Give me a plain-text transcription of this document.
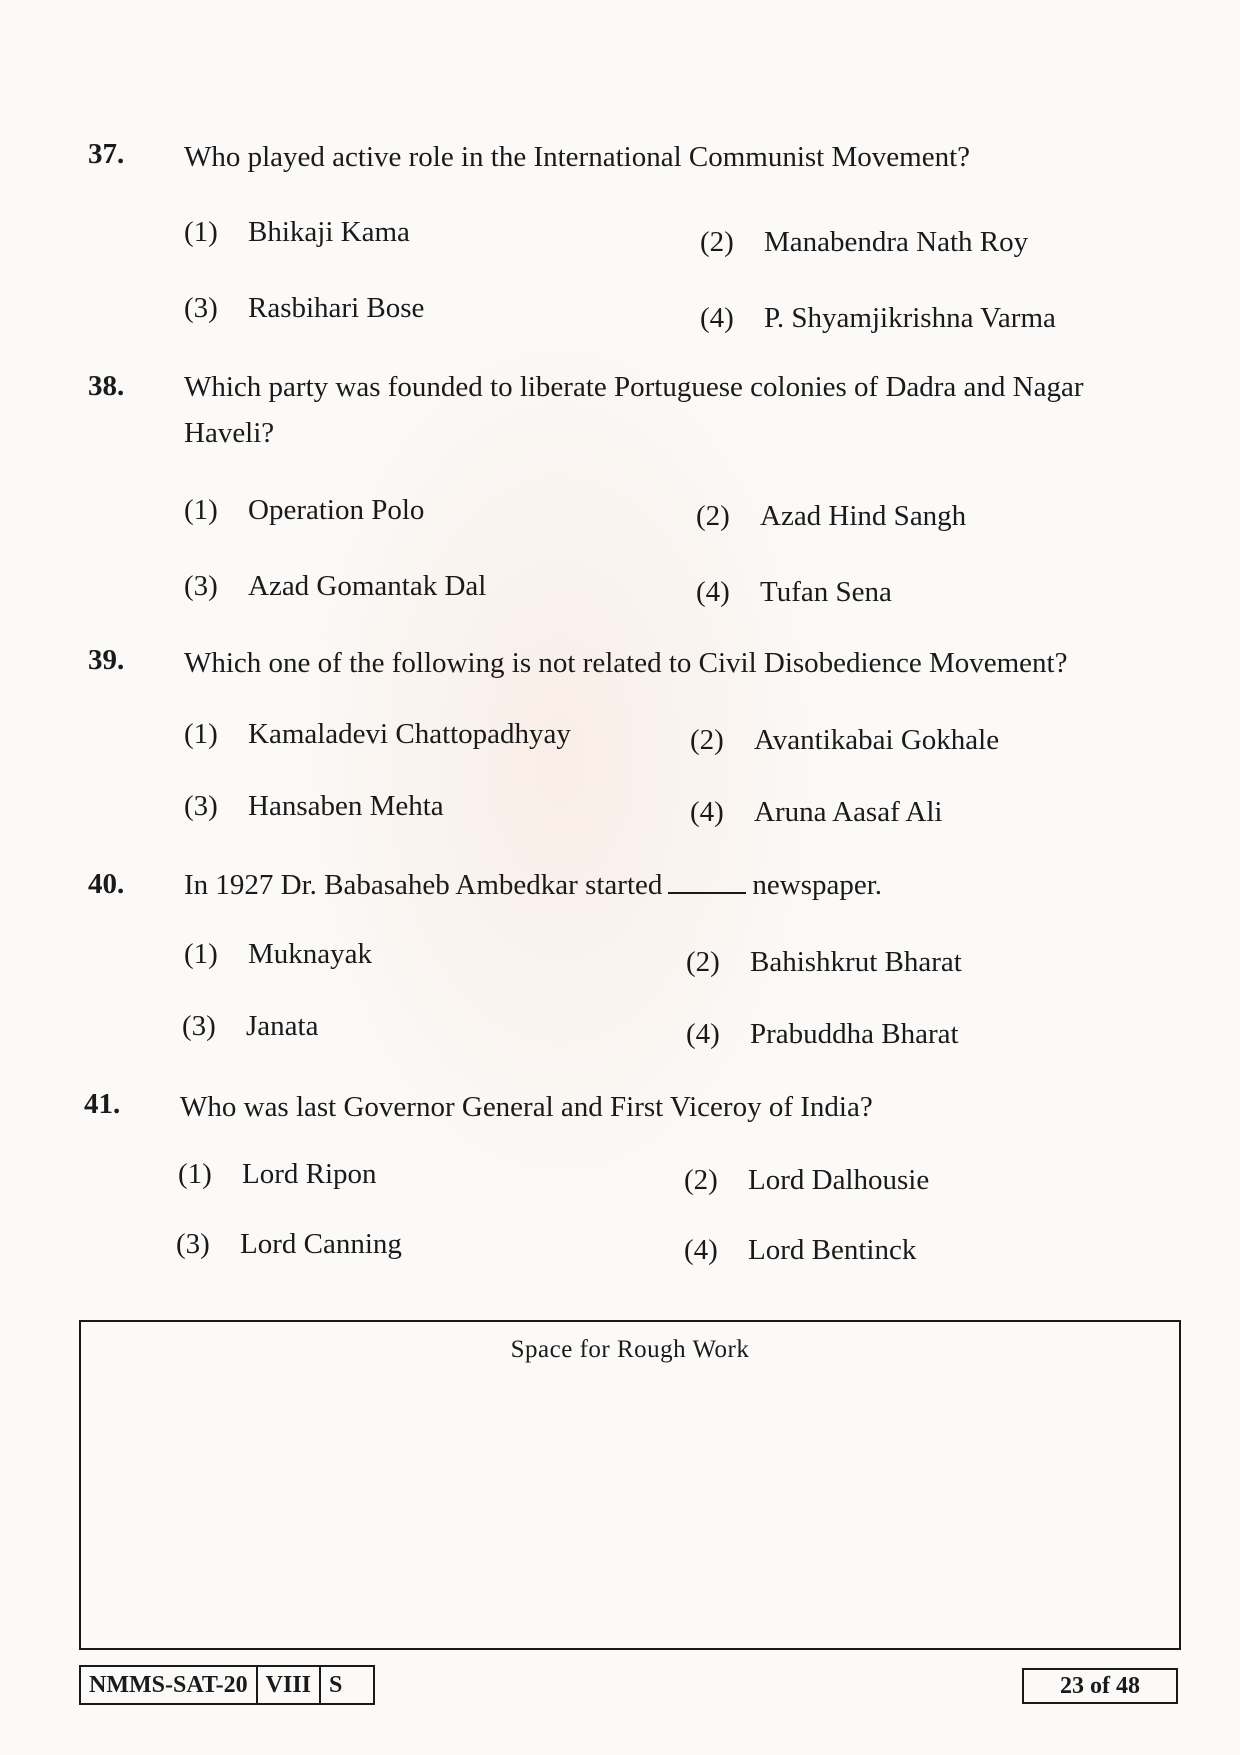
37. Who played active role in the International Communist Movement?
(1) Bhikaji Kama	(2) Manabendra Nath Roy
(3) Rasbihari Bose	(4) P. Shyamjikrishna Varma
38. Which party was founded to liberate Portuguese colonies of Dadra and Nagar Haveli?
(1) Operation Polo	(2) Azad Hind Sangh
(3) Azad Gomantak Dal	(4) Tufan Sena
39. Which one of the following is not related to Civil Disobedience Movement?
(1) Kamaladevi Chattopadhyay	(2) Avantikabai Gokhale
(3) Hansaben Mehta	(4) Aruna Aasaf Ali
40. In 1927 Dr. Babasaheb Ambedkar started	newspaper.
(1) Muknayak	(2) Bahishkrut Bharat
(3) Janata	(4) Prabuddha Bharat
41. Who was last Governor General and First Viceroy of India?
(1) Lord Ripon	(2) Lord Dalhousie
(3) Lord Canning	(4) Lord Bentinck
Space for Rough Work
NMMS-SAT-20 VIII S	23 of 48
